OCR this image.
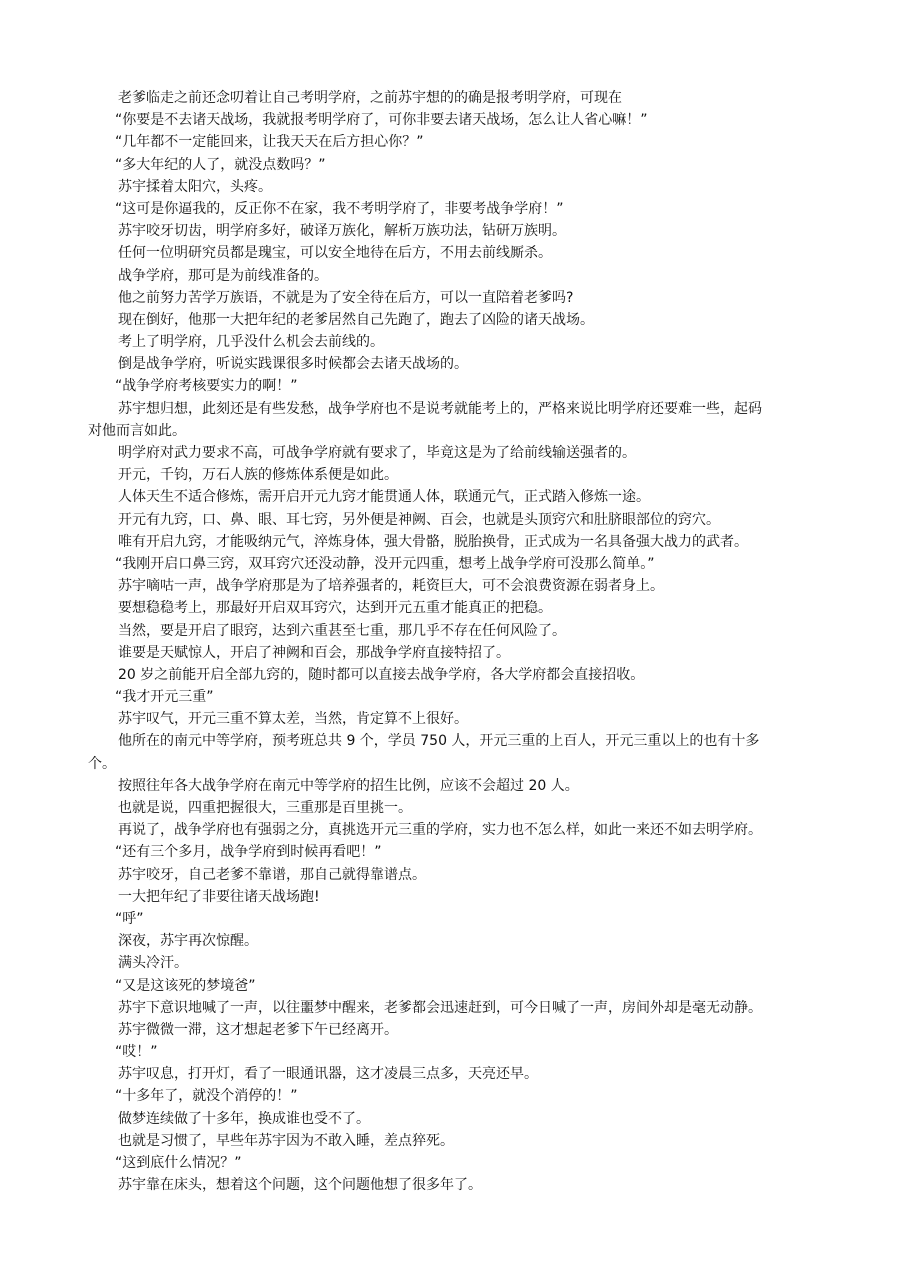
老爹临走之前还念叨着让自己考明学府，之前苏宇想的的确是报考明学府，可现在
“你要是不去诸天战场，我就报考明学府了，可你非要去诸天战场，怎么让人省心嘛！”
“几年都不一定能回来，让我天天在后方担心你？”
“多大年纪的人了，就没点数吗？”
苏宇揉着太阳穴，头疼。
“这可是你逼我的，反正你不在家，我不考明学府了，非要考战争学府！”
苏宇咬牙切齿，明学府多好，破译万族化，解析万族功法，钻研万族明。
任何一位明研究员都是瑰宝，可以安全地待在后方，不用去前线厮杀。
战争学府，那可是为前线准备的。
他之前努力苦学万族语，不就是为了安全待在后方，可以一直陪着老爹吗?
现在倒好，他那一大把年纪的老爹居然自己先跑了，跑去了凶险的诸天战场。
考上了明学府，几乎没什么机会去前线的。
倒是战争学府，听说实践课很多时候都会去诸天战场的。
“战争学府考核要实力的啊！”
苏宇想归想，此刻还是有些发愁，战争学府也不是说考就能考上的，严格来说比明学府还要难一些，起码
对他而言如此。
明学府对武力要求不高，可战争学府就有要求了，毕竟这是为了给前线输送强者的。
开元，千钧，万石人族的修炼体系便是如此。
人体天生不适合修炼，需开启开元九窍才能贯通人体，联通元气，正式踏入修炼一途。
开元有九窍，口、鼻、眼、耳七窍，另外便是神阙、百会，也就是头顶窍穴和肚脐眼部位的窍穴。
唯有开启九窍，才能吸纳元气，淬炼身体，强大骨骼，脱胎换骨，正式成为一名具备强大战力的武者。
“我刚开启口鼻三窍，双耳窍穴还没动静，没开元四重，想考上战争学府可没那么简单。”
苏宇嘀咕一声，战争学府那是为了培养强者的，耗资巨大，可不会浪费资源在弱者身上。
要想稳稳考上，那最好开启双耳窍穴，达到开元五重才能真正的把稳。
当然，要是开启了眼窍，达到六重甚至七重，那几乎不存在任何风险了。
谁要是天赋惊人，开启了神阙和百会，那战争学府直接特招了。
20 岁之前能开启全部九窍的，随时都可以直接去战争学府，各大学府都会直接招收。
“我才开元三重”
苏宇叹气，开元三重不算太差，当然，肯定算不上很好。
他所在的南元中等学府，预考班总共 9 个，学员 750 人，开元三重的上百人，开元三重以上的也有十多
个。
按照往年各大战争学府在南元中等学府的招生比例，应该不会超过 20 人。
也就是说，四重把握很大，三重那是百里挑一。
再说了，战争学府也有强弱之分，真挑选开元三重的学府，实力也不怎么样，如此一来还不如去明学府。
“还有三个多月，战争学府到时候再看吧！”
苏宇咬牙，自己老爹不靠谱，那自己就得靠谱点。
一大把年纪了非要往诸天战场跑!
“呼”
深夜，苏宇再次惊醒。
满头冷汗。
“又是这该死的梦境爸”
苏宇下意识地喊了一声，以往噩梦中醒来，老爹都会迅速赶到，可今日喊了一声，房间外却是毫无动静。
苏宇微微一滞，这才想起老爹下午已经离开。
“哎！”
苏宇叹息，打开灯，看了一眼通讯器，这才凌晨三点多，天亮还早。
“十多年了，就没个消停的！”
做梦连续做了十多年，换成谁也受不了。
也就是习惯了，早些年苏宇因为不敢入睡，差点猝死。
“这到底什么情况？”
苏宇靠在床头，想着这个问题，这个问题他想了很多年了。
